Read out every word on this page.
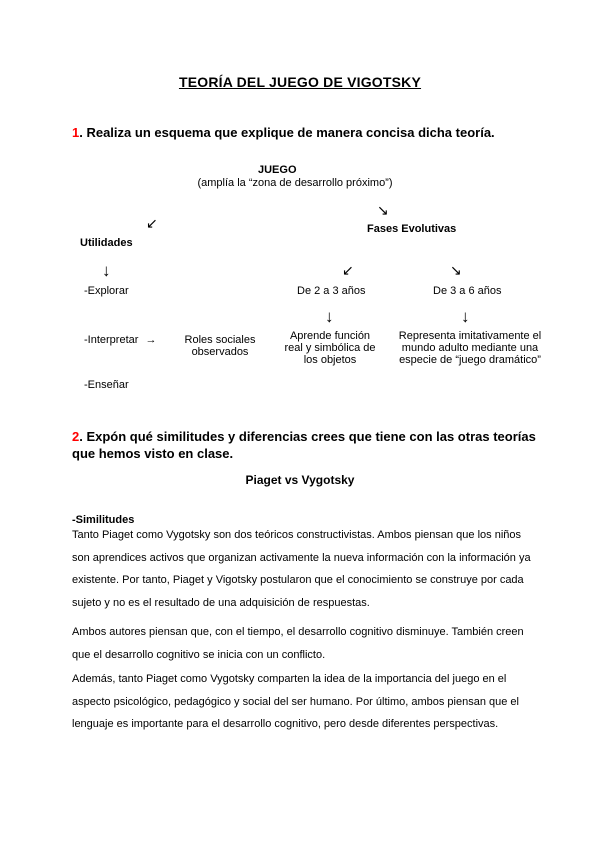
TEORÍA DEL JUEGO DE VIGOTSKY
1. Realiza un esquema que explique de manera concisa dicha teoría.
JUEGO
(amplía la “zona de desarrollo próximo”)
↙
↘
Utilidades
Fases Evolutivas
↓	↙	↘
-Explorar	De 2 a 3 años	De 3 a 6 años
↓	↓
-Interpretar →	Roles sociales
observados
Aprende función
real y simbólica de
los objetos
Representa imitativamente el
mundo adulto mediante una
especie de “juego dramático”
-Enseñar
2. Expón qué similitudes y diferencias crees que tiene con las otras teorías
que hemos visto en clase.
Piaget vs Vygotsky
-Similitudes
Tanto Piaget como Vygotsky son dos teóricos constructivistas. Ambos piensan que los niños son aprendices activos que organizan activamente la nueva información con la información ya existente. Por tanto, Piaget y Vigotsky postularon que el conocimiento se construye por cada sujeto y no es el resultado de una adquisición de respuestas.
Ambos autores piensan que, con el tiempo, el desarrollo cognitivo disminuye. También creen que el desarrollo cognitivo se inicia con un conflicto.
Además, tanto Piaget como Vygotsky comparten la idea de la importancia del juego en el aspecto psicológico, pedagógico y social del ser humano. Por último, ambos piensan que el lenguaje es importante para el desarrollo cognitivo, pero desde diferentes perspectivas.
